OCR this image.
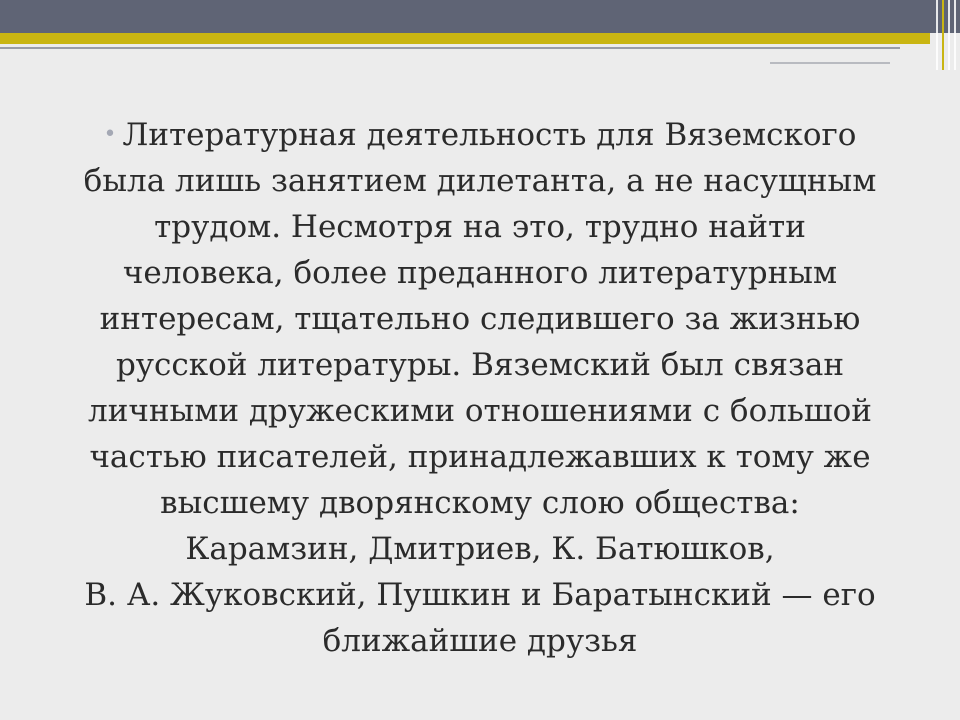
• Литературная деятельность для Вяземского
была лишь занятием дилетанта, а не насущным
трудом. Несмотря на это, трудно найти
человека, более преданного литературным
интересам, тщательно следившего за жизнью
русской литературы. Вяземский был связан
личными дружескими отношениями с большой
частью писателей, принадлежавших к тому же
высшему дворянскому слою общества:
Карамзин, Дмитриев, К. Батюшков,
В. А. Жуковский, Пушкин и Баратынский — его
ближайшие друзья
